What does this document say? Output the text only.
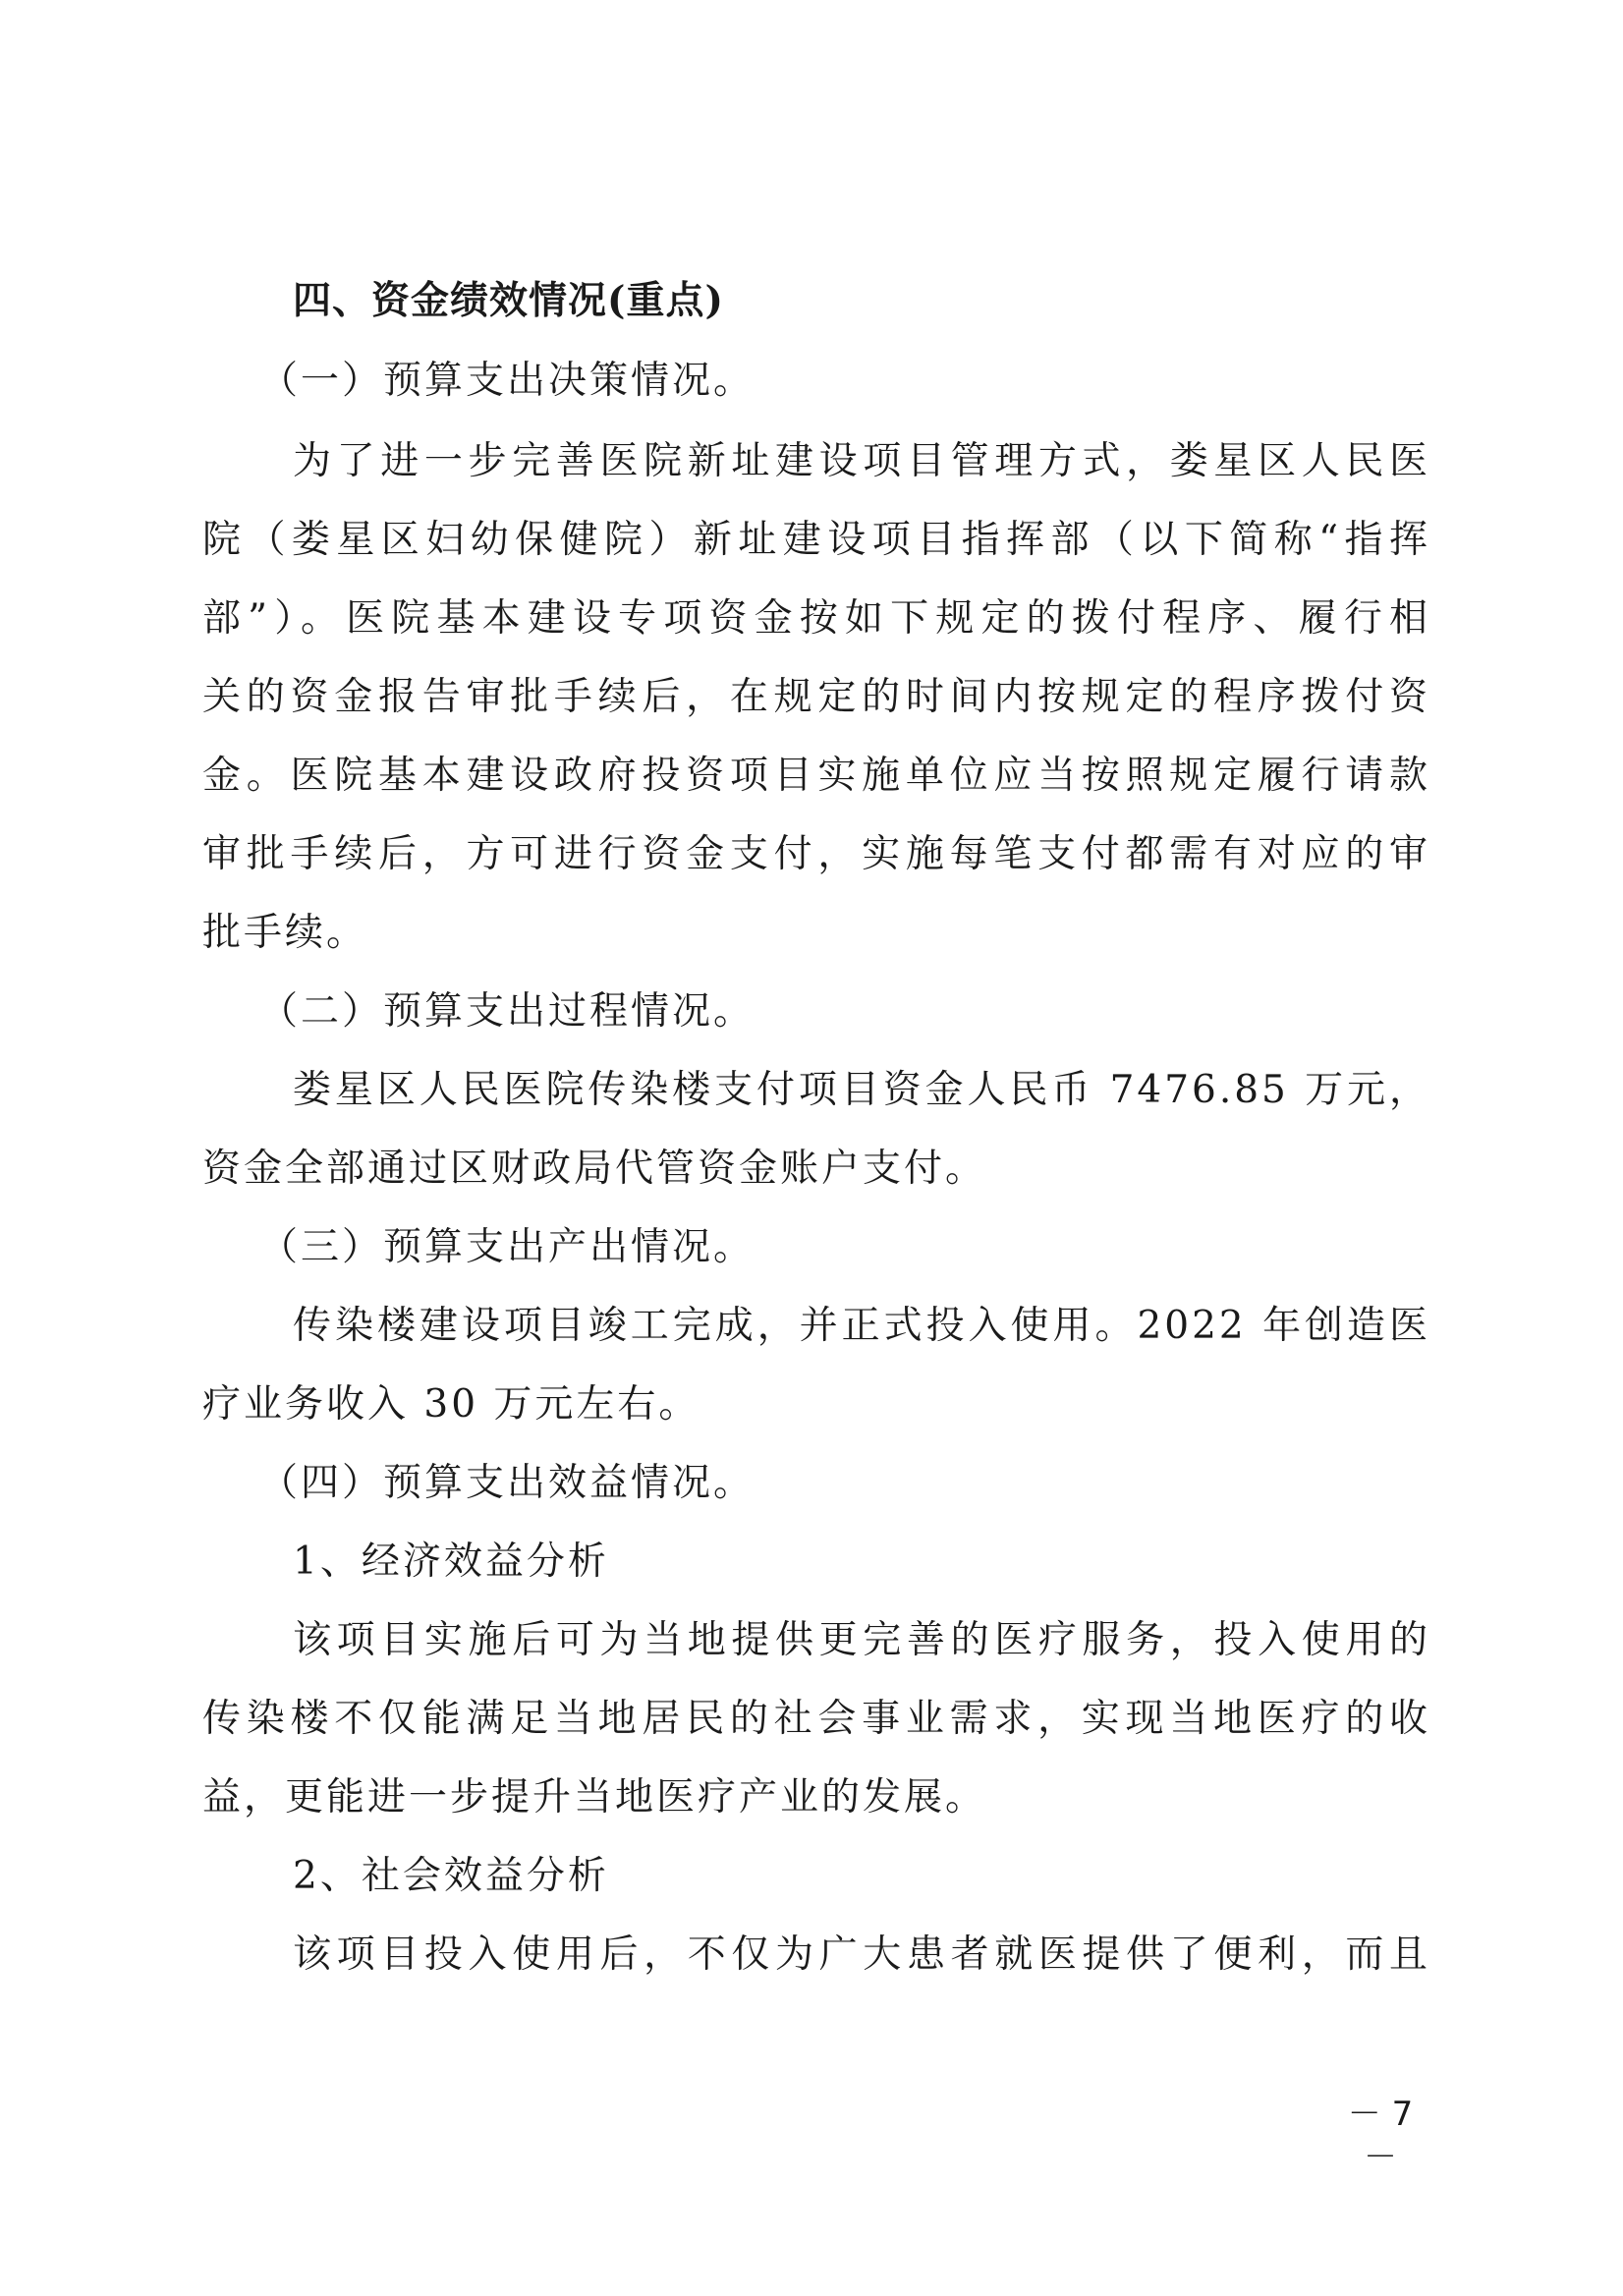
四、资金绩效情况(重点)
（一）预算支出决策情况。
为了进一步完善医院新址建设项目管理方式，娄星区人民医
院（娄星区妇幼保健院）新址建设项目指挥部（以下简称“指挥
部”）。医院基本建设专项资金按如下规定的拨付程序、履行相
关的资金报告审批手续后，在规定的时间内按规定的程序拨付资
金。医院基本建设政府投资项目实施单位应当按照规定履行请款
审批手续后，方可进行资金支付，实施每笔支付都需有对应的审
批手续。
（二）预算支出过程情况。
娄星区人民医院传染楼支付项目资金人民币 7476.85 万元，
资金全部通过区财政局代管资金账户支付。
（三）预算支出产出情况。
传染楼建设项目竣工完成，并正式投入使用。2022 年创造医
疗业务收入 30 万元左右。
（四）预算支出效益情况。
1、经济效益分析
该项目实施后可为当地提供更完善的医疗服务，投入使用的
传染楼不仅能满足当地居民的社会事业需求，实现当地医疗的收
益，更能进一步提升当地医疗产业的发展。
2、社会效益分析
该项目投入使用后，不仅为广大患者就医提供了便利，而且
－ 7 －
